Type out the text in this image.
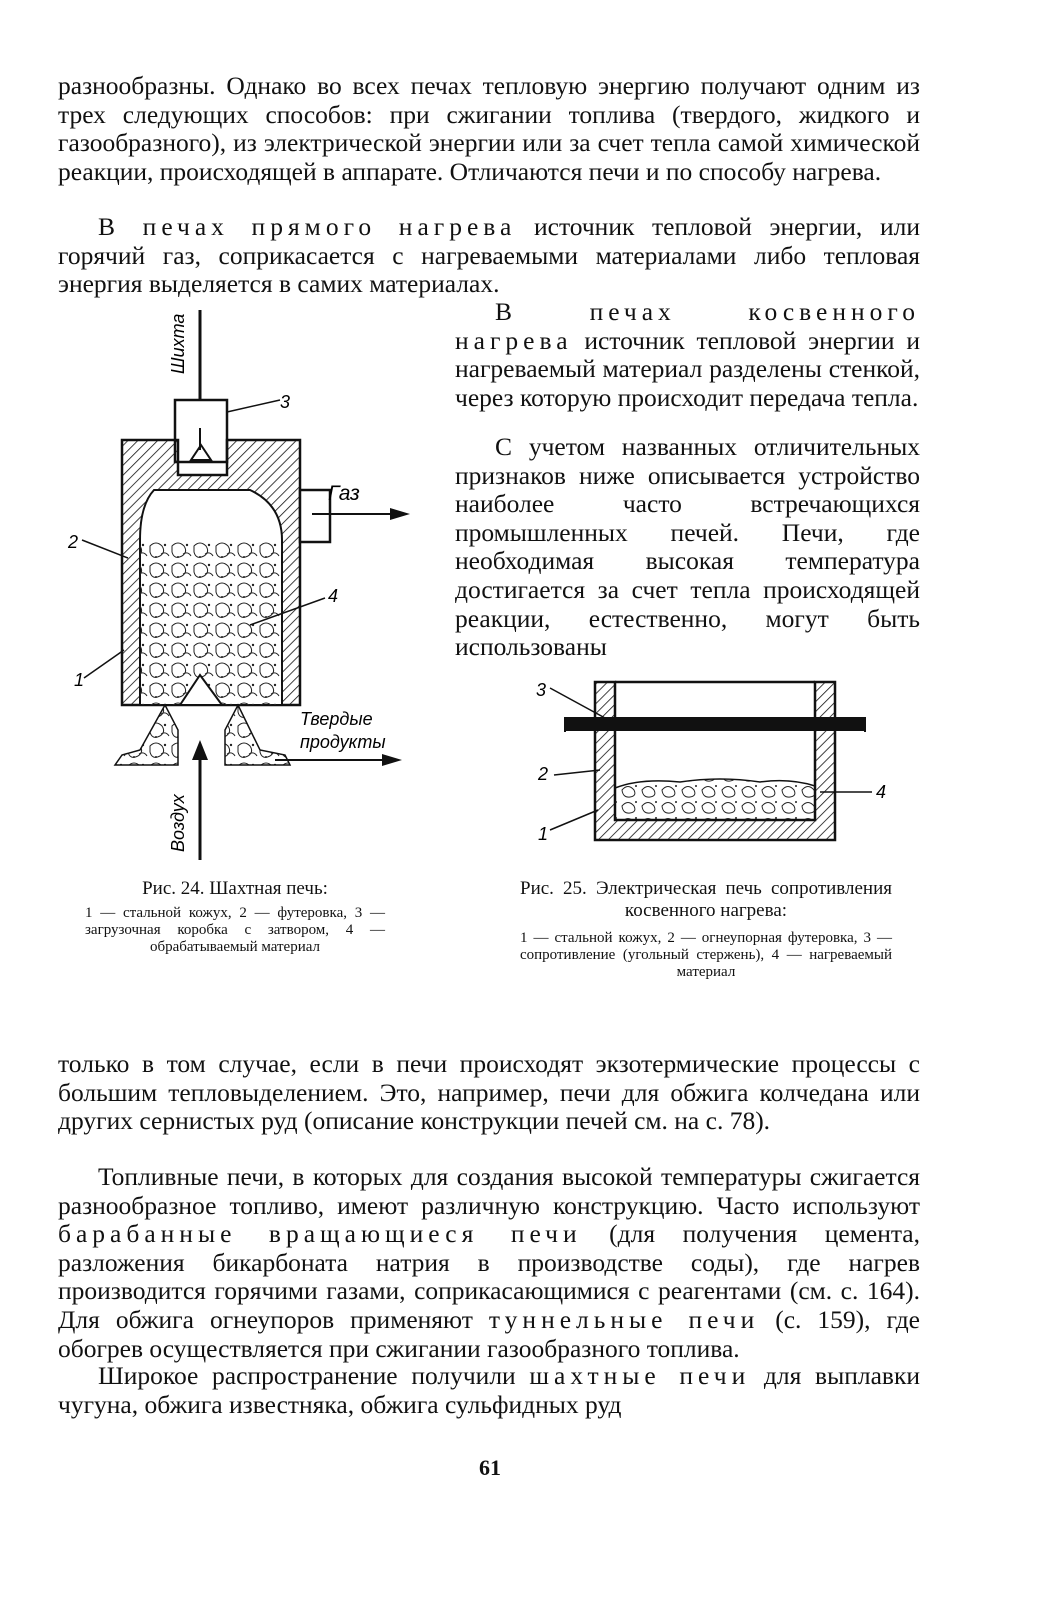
разнообразны. Однако во всех печах тепловую энергию получают одним из трех следующих способов: при сжигании топлива (твердого, жидкого и газообразного), из электрической энергии или за счет тепла самой химической реакции, происходящей в аппарате. Отличаются печи и по способу нагрева.

В печах прямого нагрева источник тепловой энергии, или горячий газ, соприкасается с нагреваемыми материалами либо тепловая энергия выделяется в самих материалах.

В печах косвенного нагрева источник тепловой энергии и нагреваемый материал разделены стенкой, через которую происходит передача тепла.

С учетом названных отличительных признаков ниже описывается устройство наиболее часто встречающихся промышленных печей. Печи, где необходимая высокая температура достигается за счет тепла происходящей реакции, естественно, могут быть использованы

Шихта
3
Газ
2
4
1
Твердые
продукты
Воздух

Рис. 24. Шахтная печь:

1 — стальной кожух, 2 — футеровка, 3 — загрузочная коробка с затвором, 4 — обрабатываемый материал

3
2
1
4

Рис. 25. Электрическая печь сопротивления косвенного нагрева:

1 — стальной кожух, 2 — огнеупорная футеровка, 3 — сопротивление (угольный стержень), 4 — нагреваемый материал

только в том случае, если в печи происходят экзотермические процессы с большим тепловыделением. Это, например, печи для обжига колчедана или других сернистых руд (описание конструкции печей см. на с. 78).

Топливные печи, в которых для создания высокой температуры сжигается разнообразное топливо, имеют различную конструкцию. Часто используют барабанные вращающиеся печи (для получения цемента, разложения бикарбоната натрия в производстве соды), где нагрев производится горячими газами, соприкасающимися с реагентами (см. с. 164). Для обжига огнеупоров применяют туннельные печи (с. 159), где обогрев осуществляется при сжигании газообразного топлива.

Широкое распространение получили шахтные печи для выплавки чугуна, обжига известняка, обжига сульфидных руд

61
